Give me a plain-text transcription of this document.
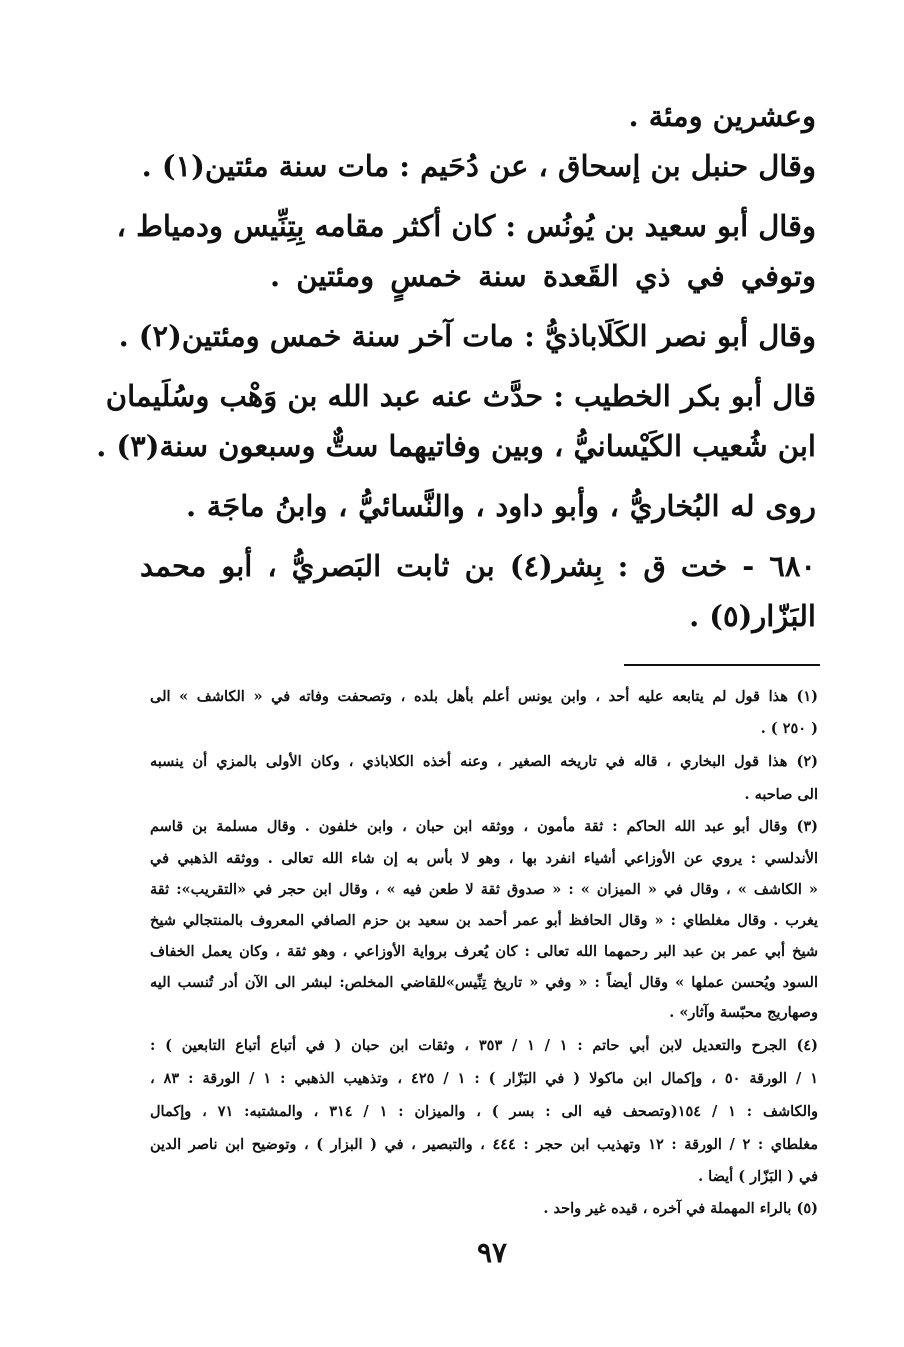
وعشرين ومئة .
وقال حنبل بن إسحاق ، عن دُحَيم : مات سنة مئتين(١) .
وقال أبو سعيد بن يُونُس : كان أكثر مقامه بِتِنِّيس ودمياط ،
وتوفي في ذي القَعدة سنة خمسٍ ومئتين .
وقال أبو نصر الكَلَاباذيُّ : مات آخر سنة خمس ومئتين(٢) .
قال أبو بكر الخطيب : حدَّث عنه عبد الله بن وَهْب وسُلَيمان
ابن شُعيب الكَيْسانيُّ ، وبين وفاتيهما ستٌّ وسبعون سنة(٣) .
روى له البُخاريُّ ، وأبو داود ، والنَّسائيُّ ، وابنُ ماجَة .
٦٨٠ - خت ق : بِشر(٤) بن ثابت البَصريُّ ، أبو محمد
البَزّار(٥) .
(١) هذا قول لم يتابعه عليه أحد ، وابن يونس أعلم بأهل بلده ، وتصحفت وفاته في « الكاشف » الى
( ٢٥٠ ) .
(٢) هذا قول البخاري ، قاله في تاريخه الصغير ، وعنه أخذه الكلاباذي ، وكان الأولى بالمزي أن ينسبه
الى صاحبه .
(٣) وقال أبو عبد الله الحاكم : ثقة مأمون ، ووثقه ابن حبان ، وابن خلفون . وقال مسلمة بن قاسم
الأندلسي : يروي عن الأوزاعي أشياء انفرد بها ، وهو لا بأس به إن شاء الله تعالى . ووثقه الذهبي في
« الكاشف » ، وقال في « الميزان » : « صدوق ثقة لا طعن فيه » ، وقال ابن حجر في «التقريب»: ثقة
يغرب . وقال مغلطاي : « وقال الحافظ أبو عمر أحمد بن سعيد بن حزم الصافي المعروف بالمنتجالي شيخ
شيخ أبي عمر بن عبد البر رحمهما الله تعالى : كان يُعرف برواية الأوزاعي ، وهو ثقة ، وكان يعمل الخفاف
السود ويُحسن عملها » وقال أيضاً : « وفي « تاريخ تِنِّيس»للقاضي المخلص: لبشر الى الآن أدر تُنسب اليه
وصهاريج محبّسة وآثار» .
(٤) الجرح والتعديل لابن أبي حاتم : ١ / ١ / ٣٥٣ ، وثقات ابن حبان ( في أتباع أتباع التابعين ) :
١ / الورقة ٥٠ ، وإكمال ابن ماكولا ( في البَزّار ) : ١ / ٤٢٥ ، وتذهيب الذهبي : ١ / الورقة : ٨٣ ،
والكاشف : ١ / ١٥٤(وتصحف فيه الى : بسر ) ، والميزان : ١ / ٣١٤ ، والمشتبه: ٧١ ، وإكمال
مغلطاي : ٢ / الورقة : ١٢ وتهذيب ابن حجر : ٤٤٤ ، والتبصير ، في ( البزار ) ، وتوضيح ابن ناصر الدين
في ( البَزّار ) أيضا .
(٥) بالراء المهملة في آخره ، قيده غير واحد .
٩٧
